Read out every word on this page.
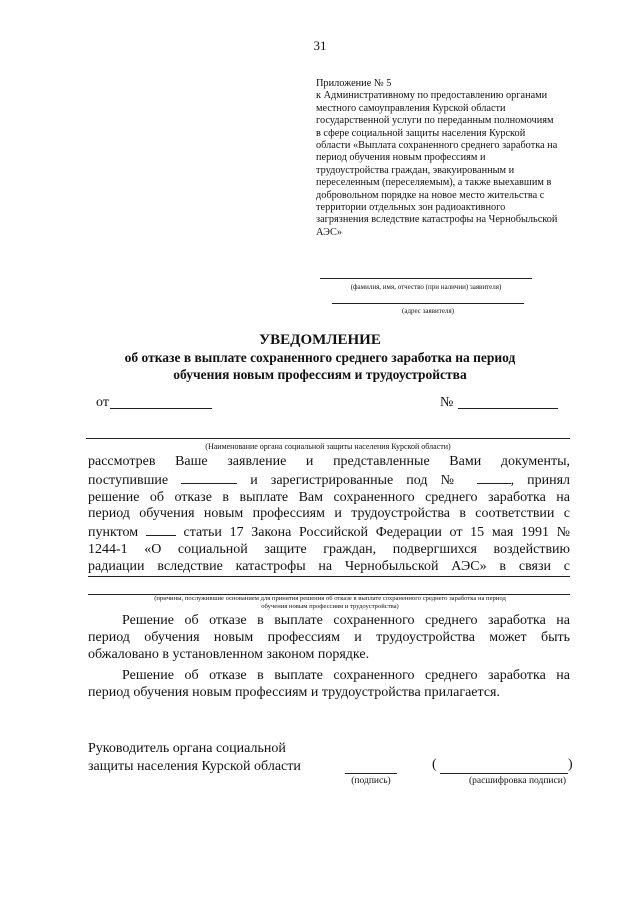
31
Приложение № 5
к Административному по предоставлению органами
местного самоуправления Курской области
государственной услуги по переданным полномочиям
в сфере социальной защиты населения Курской
области «Выплата сохраненного среднего заработка на
период обучения новым профессиям и
трудоустройства граждан, эвакуированным и
переселенным (переселяемым), а также выехавшим в
добровольном порядке на новое место жительства с
территории отдельных зон радиоактивного
загрязнения вследствие катастрофы на Чернобыльской
АЭС»
(фамилия, имя, отчество (при наличии) заявителя)
(адрес заявителя)
УВЕДОМЛЕНИЕ
об отказе в выплате сохраненного среднего заработка на период
обучения новым профессиям и трудоустройства
от	№
(Наименование органа социальной защиты населения Курской области)
рассмотрев Ваше заявление и представленные Вами документы,
поступившие	и зарегистрированные под №	, принял
решение об отказе в выплате Вам сохраненного среднего заработка на
период обучения новым профессиям и трудоустройства в соответствии с
пунктом	статьи 17 Закона Российской Федерации от 15 мая 1991 №
1244-1 «О социальной защите граждан, подвергшихся воздействию
радиации вследствие катастрофы на Чернобыльской АЭС» в связи с
(причины, послужившие основанием для принятия решения об отказе в выплате сохраненного среднего заработка на период
обучения новым профессиям и трудоустройства)
Решение об отказе в выплате сохраненного среднего заработка на
период обучения новым профессиям и трудоустройства может быть
обжаловано в установленном законом порядке.
Решение об отказе в выплате сохраненного среднего заработка на
период обучения новым профессиям и трудоустройства прилагается.
Руководитель органа социальной
защиты населения Курской области
(подпись)
(	)
(расшифровка подписи)
